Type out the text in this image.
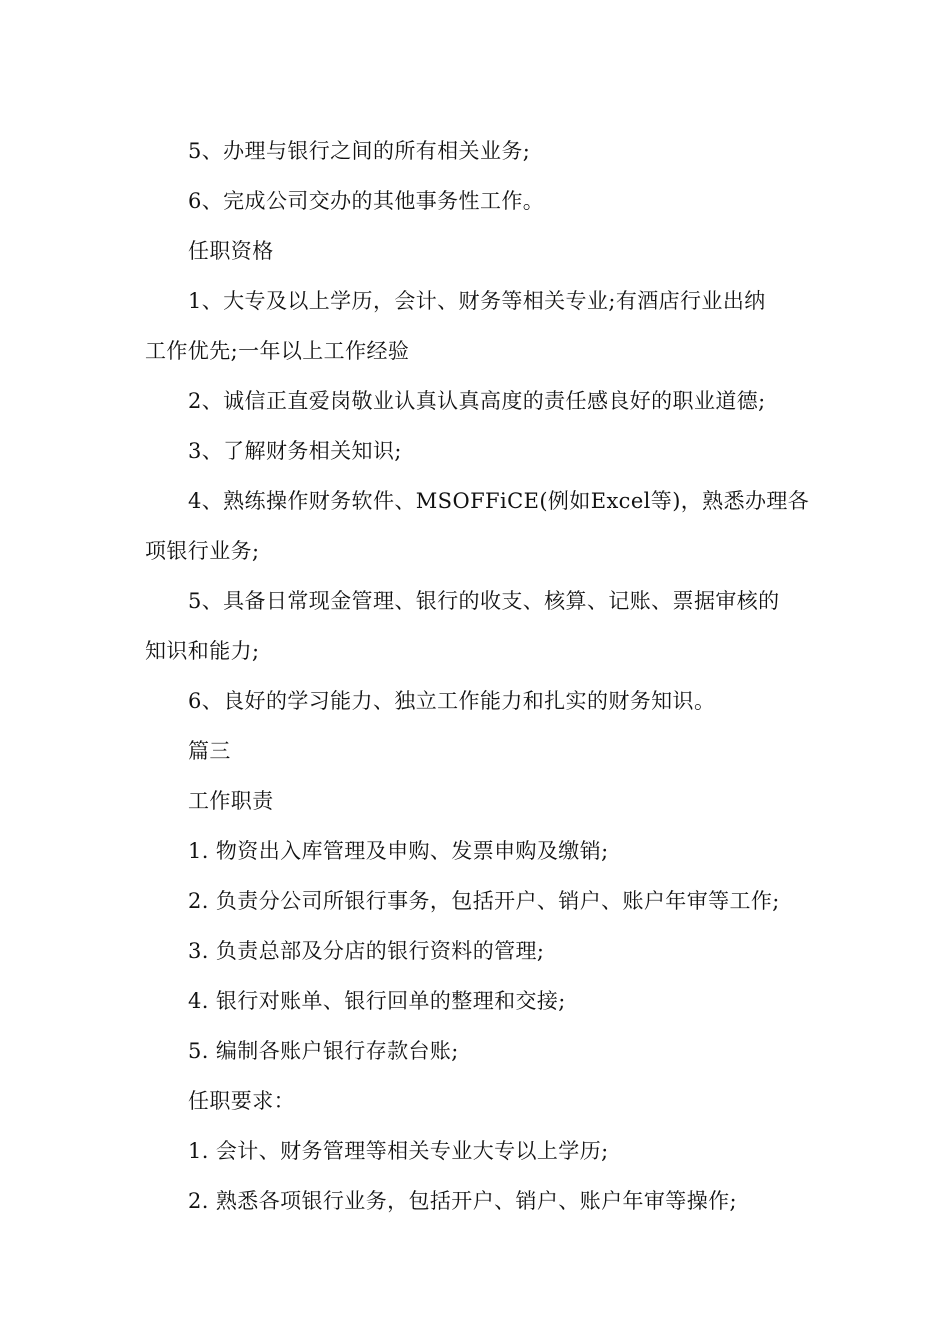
5、办理与银行之间的所有相关业务;
6、完成公司交办的其他事务性工作。
任职资格
1、大专及以上学历，会计、财务等相关专业;有酒店行业出纳
工作优先;一年以上工作经验
2、诚信正直爱岗敬业认真认真高度的责任感良好的职业道德;
3、了解财务相关知识;
4、熟练操作财务软件、MSOFFiCE(例如Excel等)，熟悉办理各
项银行业务;
5、具备日常现金管理、银行的收支、核算、记账、票据审核的
知识和能力;
6、良好的学习能力、独立工作能力和扎实的财务知识。
篇三
工作职责
1. 物资出入库管理及申购、发票申购及缴销;
2. 负责分公司所银行事务，包括开户、销户、账户年审等工作;
3. 负责总部及分店的银行资料的管理;
4. 银行对账单、银行回单的整理和交接;
5. 编制各账户银行存款台账;
任职要求：
1. 会计、财务管理等相关专业大专以上学历;
2. 熟悉各项银行业务，包括开户、销户、账户年审等操作;
